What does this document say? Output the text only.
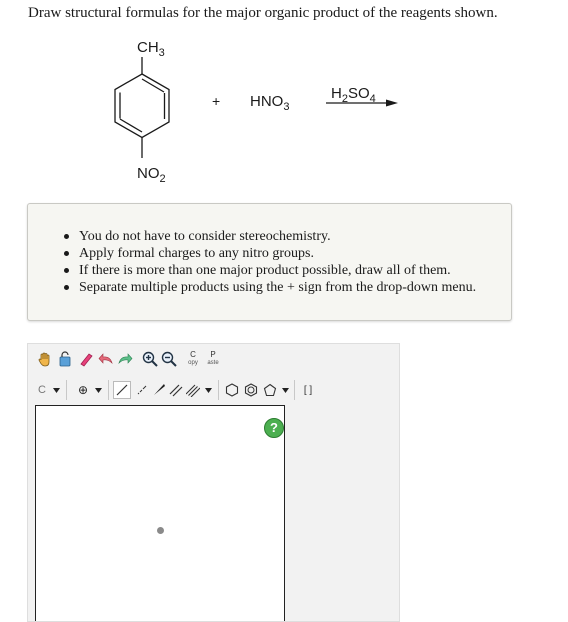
Draw structural formulas for the major organic product of the reagents shown.
$CH_3$
$NO_2$
+ $HNO_3$
$H_2SO_4$
You do not have to consider stereochemistry.
Apply formal charges to any nitro groups.
If there is more than one major product possible, draw all of them.
Separate multiple products using the + sign from the drop-down menu.
C
opy
P
aste
C	⊕	[ ]
?
